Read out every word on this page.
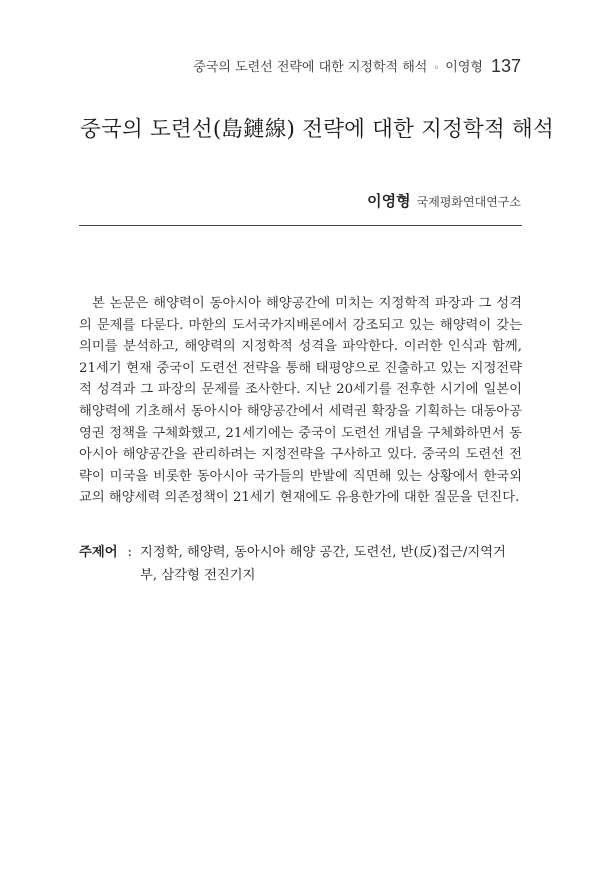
중국의 도련선 전략에 대한 지정학적 해석 ◦ 이영형 137
중국의 도련선(島鏈線) 전략에 대한 지정학적 해석
이영형 국제평화연대연구소

본 논문은 해양력이 동아시아 해양공간에 미치는 지정학적 파장과 그 성격의 문제를 다룬다. 마한의 도서국가지배론에서 강조되고 있는 해양력이 갖는 의미를 분석하고, 해양력의 지정학적 성격을 파악한다. 이러한 인식과 함께, 21세기 현재 중국이 도련선 전략을 통해 태평양으로 진출하고 있는 지정전략적 성격과 그 파장의 문제를 조사한다. 지난 20세기를 전후한 시기에 일본이 해양력에 기초해서 동아시아 해양공간에서 세력권 확장을 기획하는 대동아공영권 정책을 구체화했고, 21세기에는 중국이 도련선 개념을 구체화하면서 동아시아 해양공간을 관리하려는 지정전략을 구사하고 있다. 중국의 도련선 전략이 미국을 비롯한 동아시아 국가들의 반발에 직면해 있는 상황에서 한국외교의 해양세력 의존정책이 21세기 현재에도 유용한가에 대한 질문을 던진다.

주제어 : 지정학, 해양력, 동아시아 해양 공간, 도련선, 반(反)접근/지역거부, 삼각형 전진기지
